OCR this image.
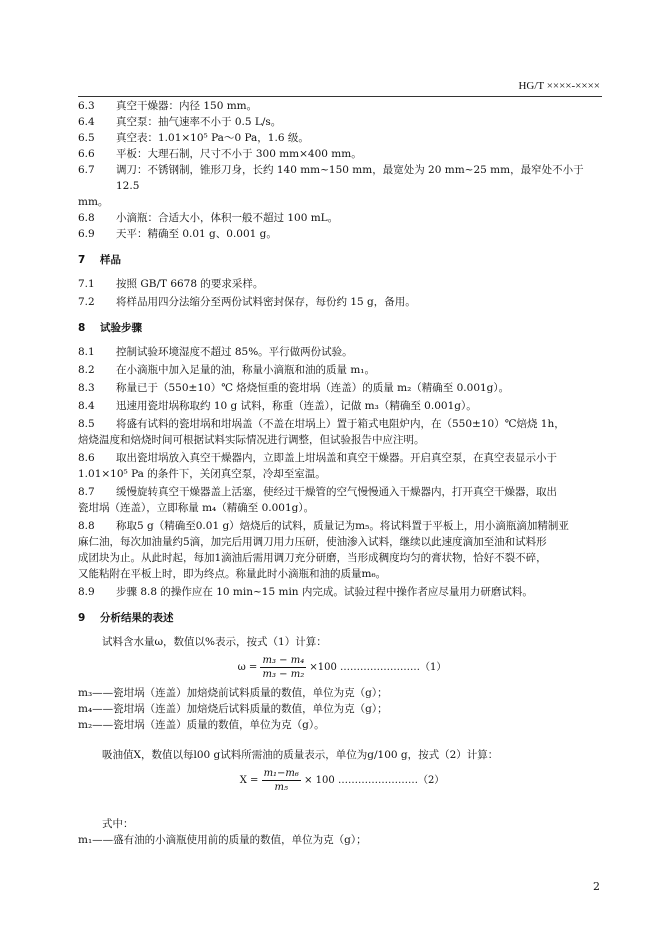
HG/T ××××-××××
6.3	真空干燥器：内径 150 mm。
6.4	真空泵：抽气速率不小于 0.5 L/s。
6.5	真空表：1.01×10⁵ Pa～0 Pa，1.6 级。
6.6	平板：大理石制，尺寸不小于 300 mm×400 mm。
6.7	调刀：不锈钢制，锥形刀身，长约 140 mm~150 mm，最宽处为 20 mm~25 mm，最窄处不小于 12.5
mm。
6.8	小滴瓶：合适大小，体积一般不超过 100 mL。
6.9	天平：精确至 0.01 g、0.001 g。
7	样品
7.1	按照 GB/T 6678 的要求采样。
7.2	将样品用四分法缩分至两份试料密封保存，每份约 15 g，备用。
8	试验步骤
8.1	控制试验环境湿度不超过 85%。平行做两份试验。
8.2	在小滴瓶中加入足量的油，称量小滴瓶和油的质量 m₁。
8.3	称量已于（550±10）℃ 烙烧恒重的瓷坩埚（连盖）的质量 m₂（精确至 0.001g）。
8.4	迅速用瓷坩埚称取约 10 g 试料，称重（连盖），记做 m₃（精确至 0.001g）。
8.5	将盛有试料的瓷坩埚和坩埚盖（不盖在坩埚上）置于箱式电阻炉内，在（550±10）℃焙烧 1h，
焙烧温度和焙烧时间可根据试料实际情况进行调整，但试验报告中应注明。
8.6	取出瓷坩埚放入真空干燥器内，立即盖上坩埚盖和真空干燥器。开启真空泵，在真空表显示小于
1.01×10⁵ Pa 的条件下，关闭真空泵，冷却至室温。
8.7	缓慢旋转真空干燥器盖上活塞，使经过干燥管的空气慢慢通入干燥器内，打开真空干燥器，取出
瓷坩埚（连盖），立即称量 m₄（精确至 0.001g）。
8.8	称取5 g（精确至0.01 g）焙烧后的试料，质量记为m₅。将试料置于平板上，用小滴瓶滴加精制亚
麻仁油，每次加油量约5滴，加完后用调刀用力压研，使油渗入试料，继续以此速度滴加至油和试料形
成团块为止。从此时起，每加1滴油后需用调刀充分研磨，当形成稠度均匀的膏状物，恰好不裂不碎，
又能粘附在平板上时，即为终点。称量此时小滴瓶和油的质量m₆。
8.9	步骤 8.8 的操作应在 10 min~15 min 内完成。试验过程中操作者应尽量用力研磨试料。
9	分析结果的表述
试料含水量ω，数值以%表示，按式（1）计算：
$\omega = \frac{\text{m₃ − m₄}}{\text{m₃ − m₂}} \times 100$ ……………………（1）
m₃——瓷坩埚（连盖）加焙烧前试料质量的数值，单位为克（g）；
m₄——瓷坩埚（连盖）加焙烧后试料质量的数值，单位为克（g）；
m₂——瓷坩埚（连盖）质量的数值，单位为克（g）。
吸油值X，数值以每l00 g试料所需油的质量表示，单位为g/100 g，按式（2）计算：
$X = \frac{\text{m₁−m₆}}{\text{m₅}} \times 100$ ……………………（2）
式中：
m₁——盛有油的小滴瓶使用前的质量的数值，单位为克（g）；
2
